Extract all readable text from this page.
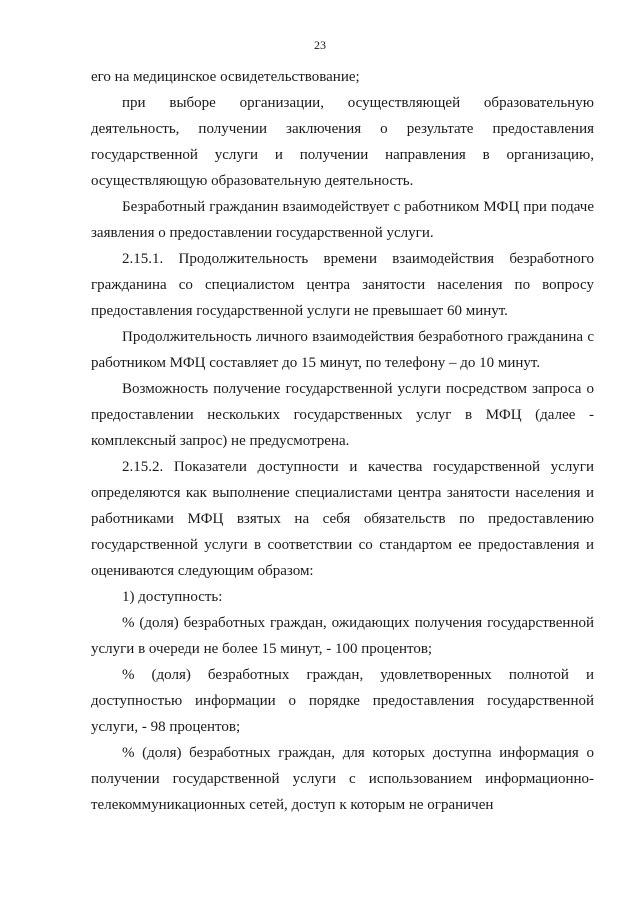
23

его на медицинское освидетельствование;

при выборе организации, осуществляющей образовательную деятельность, получении заключения о результате предоставления государственной услуги и получении направления в организацию, осуществляющую образовательную деятельность.

Безработный гражданин взаимодействует с работником МФЦ при подаче заявления о предоставлении государственной услуги.

2.15.1. Продолжительность времени взаимодействия безработного гражданина со специалистом центра занятости населения по вопросу предоставления государственной услуги не превышает 60 минут.

Продолжительность личного взаимодействия безработного гражданина с работником МФЦ составляет до 15 минут, по телефону – до 10 минут.

Возможность получение государственной услуги посредством запроса о предоставлении нескольких государственных услуг в МФЦ (далее - комплексный запрос) не предусмотрена.

2.15.2. Показатели доступности и качества государственной услуги определяются как выполнение специалистами центра занятости населения и работниками МФЦ взятых на себя обязательств по предоставлению государственной услуги в соответствии со стандартом ее предоставления и оцениваются следующим образом:

1) доступность:

% (доля) безработных граждан, ожидающих получения государственной услуги в очереди не более 15 минут, - 100 процентов;

% (доля) безработных граждан, удовлетворенных полнотой и доступностью информации о порядке предоставления государственной услуги, - 98 процентов;

% (доля) безработных граждан, для которых доступна информация о получении государственной услуги с использованием информационно-телекоммуникационных сетей, доступ к которым не ограничен
